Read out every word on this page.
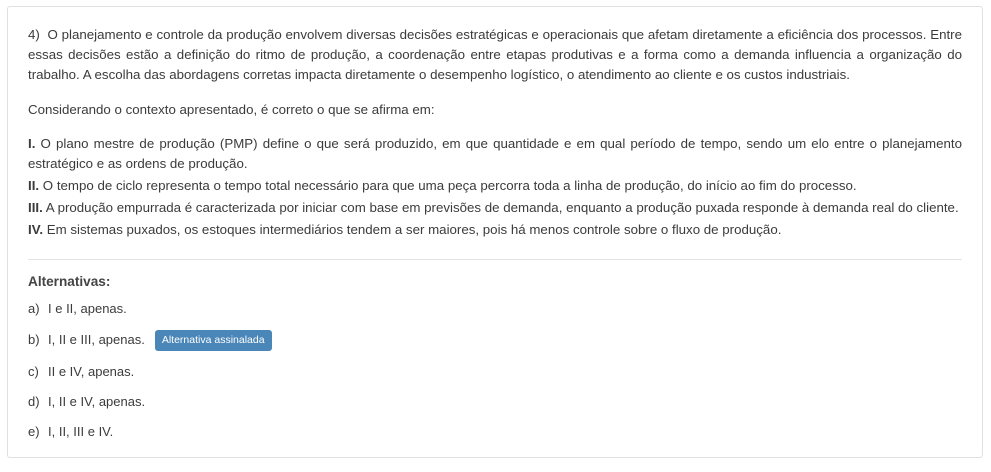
4) O planejamento e controle da produção envolvem diversas decisões estratégicas e operacionais que afetam diretamente a eficiência dos processos. Entre essas decisões estão a definição do ritmo de produção, a coordenação entre etapas produtivas e a forma como a demanda influencia a organização do trabalho. A escolha das abordagens corretas impacta diretamente o desempenho logístico, o atendimento ao cliente e os custos industriais.

Considerando o contexto apresentado, é correto o que se afirma em:

I. O plano mestre de produção (PMP) define o que será produzido, em que quantidade e em qual período de tempo, sendo um elo entre o planejamento estratégico e as ordens de produção.

II. O tempo de ciclo representa o tempo total necessário para que uma peça percorra toda a linha de produção, do início ao fim do processo.

III. A produção empurrada é caracterizada por iniciar com base em previsões de demanda, enquanto a produção puxada responde à demanda real do cliente.

IV. Em sistemas puxados, os estoques intermediários tendem a ser maiores, pois há menos controle sobre o fluxo de produção.

Alternativas:
a) I e II, apenas.
b) I, II e III, apenas.	Alternativa assinalada
c) II e IV, apenas.
d) I, II e IV, apenas.
e) I, II, III e IV.
